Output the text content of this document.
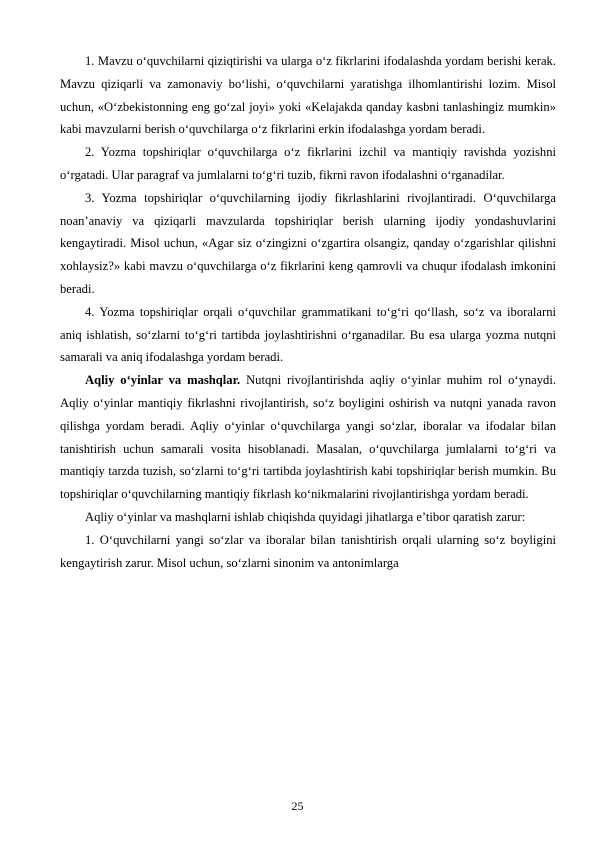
1. Mavzu o‘quvchilarni qiziqtirishi va ularga o‘z fikrlarini ifodalashda yordam berishi kerak. Mavzu qiziqarli va zamonaviy bo‘lishi, o‘quvchilarni yaratishga ilhomlantirishi lozim. Misol uchun, «O‘zbekistonning eng go‘zal joyi» yoki «Kelajakda qanday kasbni tanlashingiz mumkin» kabi mavzularni berish o‘quvchilarga o‘z fikrlarini erkin ifodalashga yordam beradi.

2. Yozma topshiriqlar o‘quvchilarga o‘z fikrlarini izchil va mantiqiy ravishda yozishni o‘rgatadi. Ular paragraf va jumlalarni to‘g‘ri tuzib, fikrni ravon ifodalashni o‘rganadilar.

3. Yozma topshiriqlar o‘quvchilarning ijodiy fikrlashlarini rivojlantiradi. O‘quvchilarga noan’anaviy va qiziqarli mavzularda topshiriqlar berish ularning ijodiy yondashuvlarini kengaytiradi. Misol uchun, «Agar siz o‘zingizni o‘zgartira olsangiz, qanday o‘zgarishlar qilishni xohlaysiz?» kabi mavzu o‘quvchilarga o‘z fikrlarini keng qamrovli va chuqur ifodalash imkonini beradi.

4. Yozma topshiriqlar orqali o‘quvchilar grammatikani to‘g‘ri qo‘llash, so‘z va iboralarni aniq ishlatish, so‘zlarni to‘g‘ri tartibda joylashtirishni o‘rganadilar. Bu esa ularga yozma nutqni samarali va aniq ifodalashga yordam beradi.

Aqliy o‘yinlar va mashqlar. Nutqni rivojlantirishda aqliy o‘yinlar muhim rol o‘ynaydi. Aqliy o‘yinlar mantiqiy fikrlashni rivojlantirish, so‘z boyligini oshirish va nutqni yanada ravon qilishga yordam beradi. Aqliy o‘yinlar o‘quvchilarga yangi so‘zlar, iboralar va ifodalar bilan tanishtirish uchun samarali vosita hisoblanadi. Masalan, o‘quvchilarga jumlalarni to‘g‘ri va mantiqiy tarzda tuzish, so‘zlarni to‘g‘ri tartibda joylashtirish kabi topshiriqlar berish mumkin. Bu topshiriqlar o‘quvchilarning mantiqiy fikrlash ko‘nikmalarini rivojlantirishga yordam beradi.

Aqliy o‘yinlar va mashqlarni ishlab chiqishda quyidagi jihatlarga e’tibor qaratish zarur:

1. O‘quvchilarni yangi so‘zlar va iboralar bilan tanishtirish orqali ularning so‘z boyligini kengaytirish zarur. Misol uchun, so‘zlarni sinonim va antonimlarga

25
